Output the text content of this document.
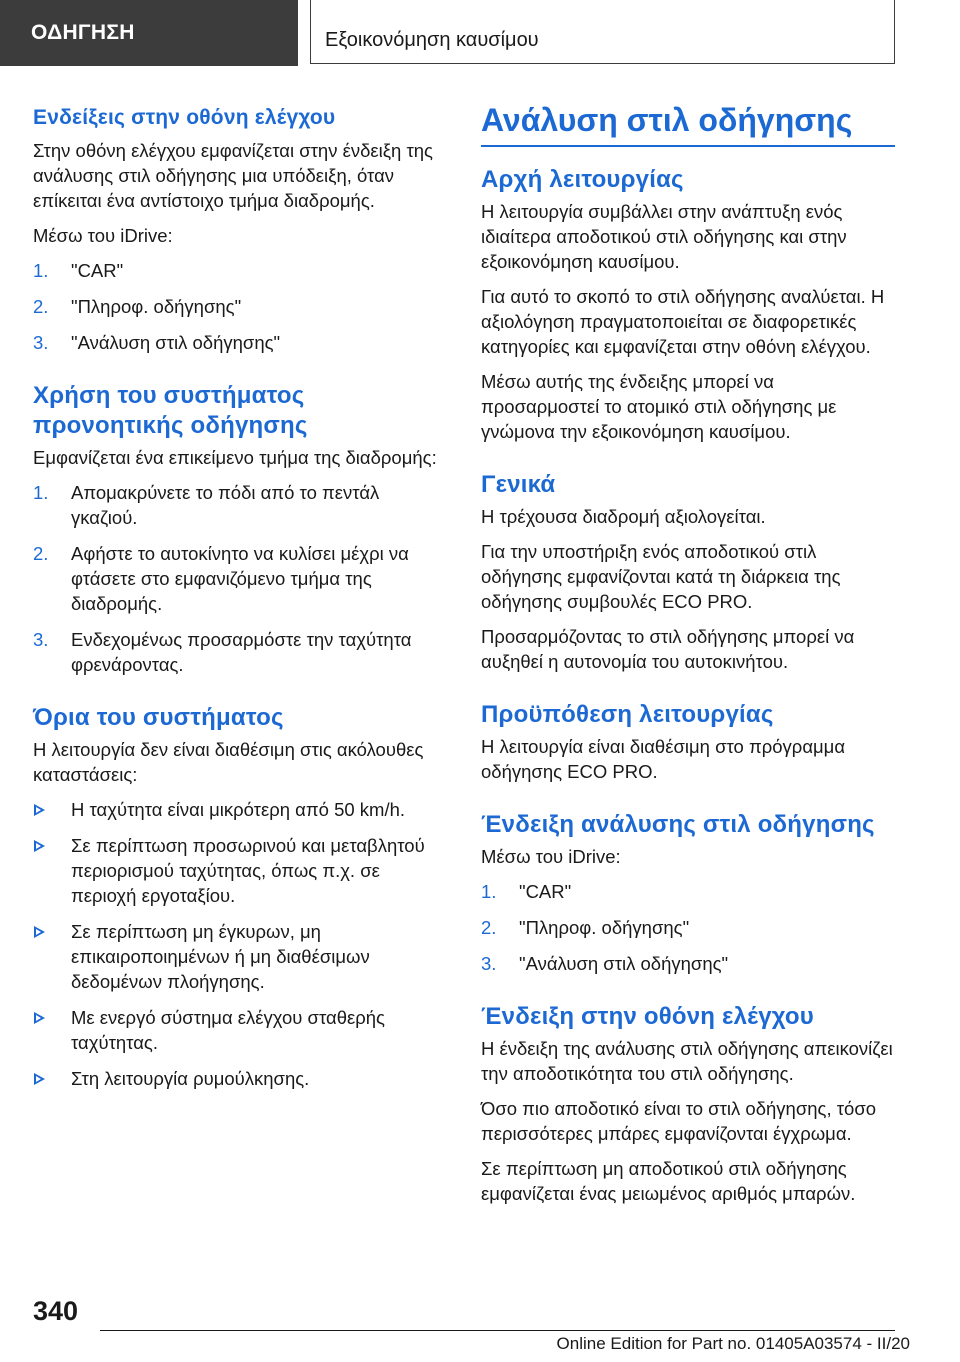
ΟΔΗΓΗΣΗ	Εξοικονόμηση καυσίμου
Ενδείξεις στην οθόνη ελέγχου

Στην οθόνη ελέγχου εμφανίζεται στην ένδειξη της ανάλυσης στιλ οδήγησης μια υπόδειξη, όταν επίκειται ένα αντίστοιχο τμήμα διαδρομής.

Μέσω του iDrive:

1. "CAR"
2. "Πληροφ. οδήγησης"
3. "Ανάλυση στιλ οδήγησης"
Χρήση του συστήματος προνοητικής οδήγησης

Εμφανίζεται ένα επικείμενο τμήμα της διαδρομής:

1. Απομακρύνετε το πόδι από το πεντάλ γκαζιού.
2. Αφήστε το αυτοκίνητο να κυλίσει μέχρι να φτάσετε στο εμφανιζόμενο τμήμα της διαδρομής.
3. Ενδεχομένως προσαρμόστε την ταχύτητα φρενάροντας.
Όρια του συστήματος

Η λειτουργία δεν είναι διαθέσιμη στις ακόλουθες καταστάσεις:

Η ταχύτητα είναι μικρότερη από 50 km/h.
Σε περίπτωση προσωρινού και μεταβλητού περιορισμού ταχύτητας, όπως π.χ. σε περιοχή εργοταξίου.
Σε περίπτωση μη έγκυρων, μη επικαιροποιημένων ή μη διαθέσιμων δεδομένων πλοήγησης.
Με ενεργό σύστημα ελέγχου σταθερής ταχύτητας.
Στη λειτουργία ρυμούλκησης.
Ανάλυση στιλ οδήγησης
Αρχή λειτουργίας

Η λειτουργία συμβάλλει στην ανάπτυξη ενός ιδιαίτερα αποδοτικού στιλ οδήγησης και στην εξοικονόμηση καυσίμου.

Για αυτό το σκοπό το στιλ οδήγησης αναλύεται. Η αξιολόγηση πραγματοποιείται σε διαφορετικές κατηγορίες και εμφανίζεται στην οθόνη ελέγχου.

Μέσω αυτής της ένδειξης μπορεί να προσαρμοστεί το ατομικό στιλ οδήγησης με γνώμονα την εξοικονόμηση καυσίμου.

Γενικά

Η τρέχουσα διαδρομή αξιολογείται.

Για την υποστήριξη ενός αποδοτικού στιλ οδήγησης εμφανίζονται κατά τη διάρκεια της οδήγησης συμβουλές ECO PRO.

Προσαρμόζοντας το στιλ οδήγησης μπορεί να αυξηθεί η αυτονομία του αυτοκινήτου.

Προϋπόθεση λειτουργίας

Η λειτουργία είναι διαθέσιμη στο πρόγραμμα οδήγησης ECO PRO.

Ένδειξη ανάλυσης στιλ οδήγησης

Μέσω του iDrive:

1. "CAR"
2. "Πληροφ. οδήγησης"
3. "Ανάλυση στιλ οδήγησης"
Ένδειξη στην οθόνη ελέγχου

Η ένδειξη της ανάλυσης στιλ οδήγησης απεικονίζει την αποδοτικότητα του στιλ οδήγησης.

Όσο πιο αποδοτικό είναι το στιλ οδήγησης, τόσο περισσότερες μπάρες εμφανίζονται έγχρωμα.

Σε περίπτωση μη αποδοτικού στιλ οδήγησης εμφανίζεται ένας μειωμένος αριθμός μπαρών.

340
Online Edition for Part no. 01405A03574 - II/20
